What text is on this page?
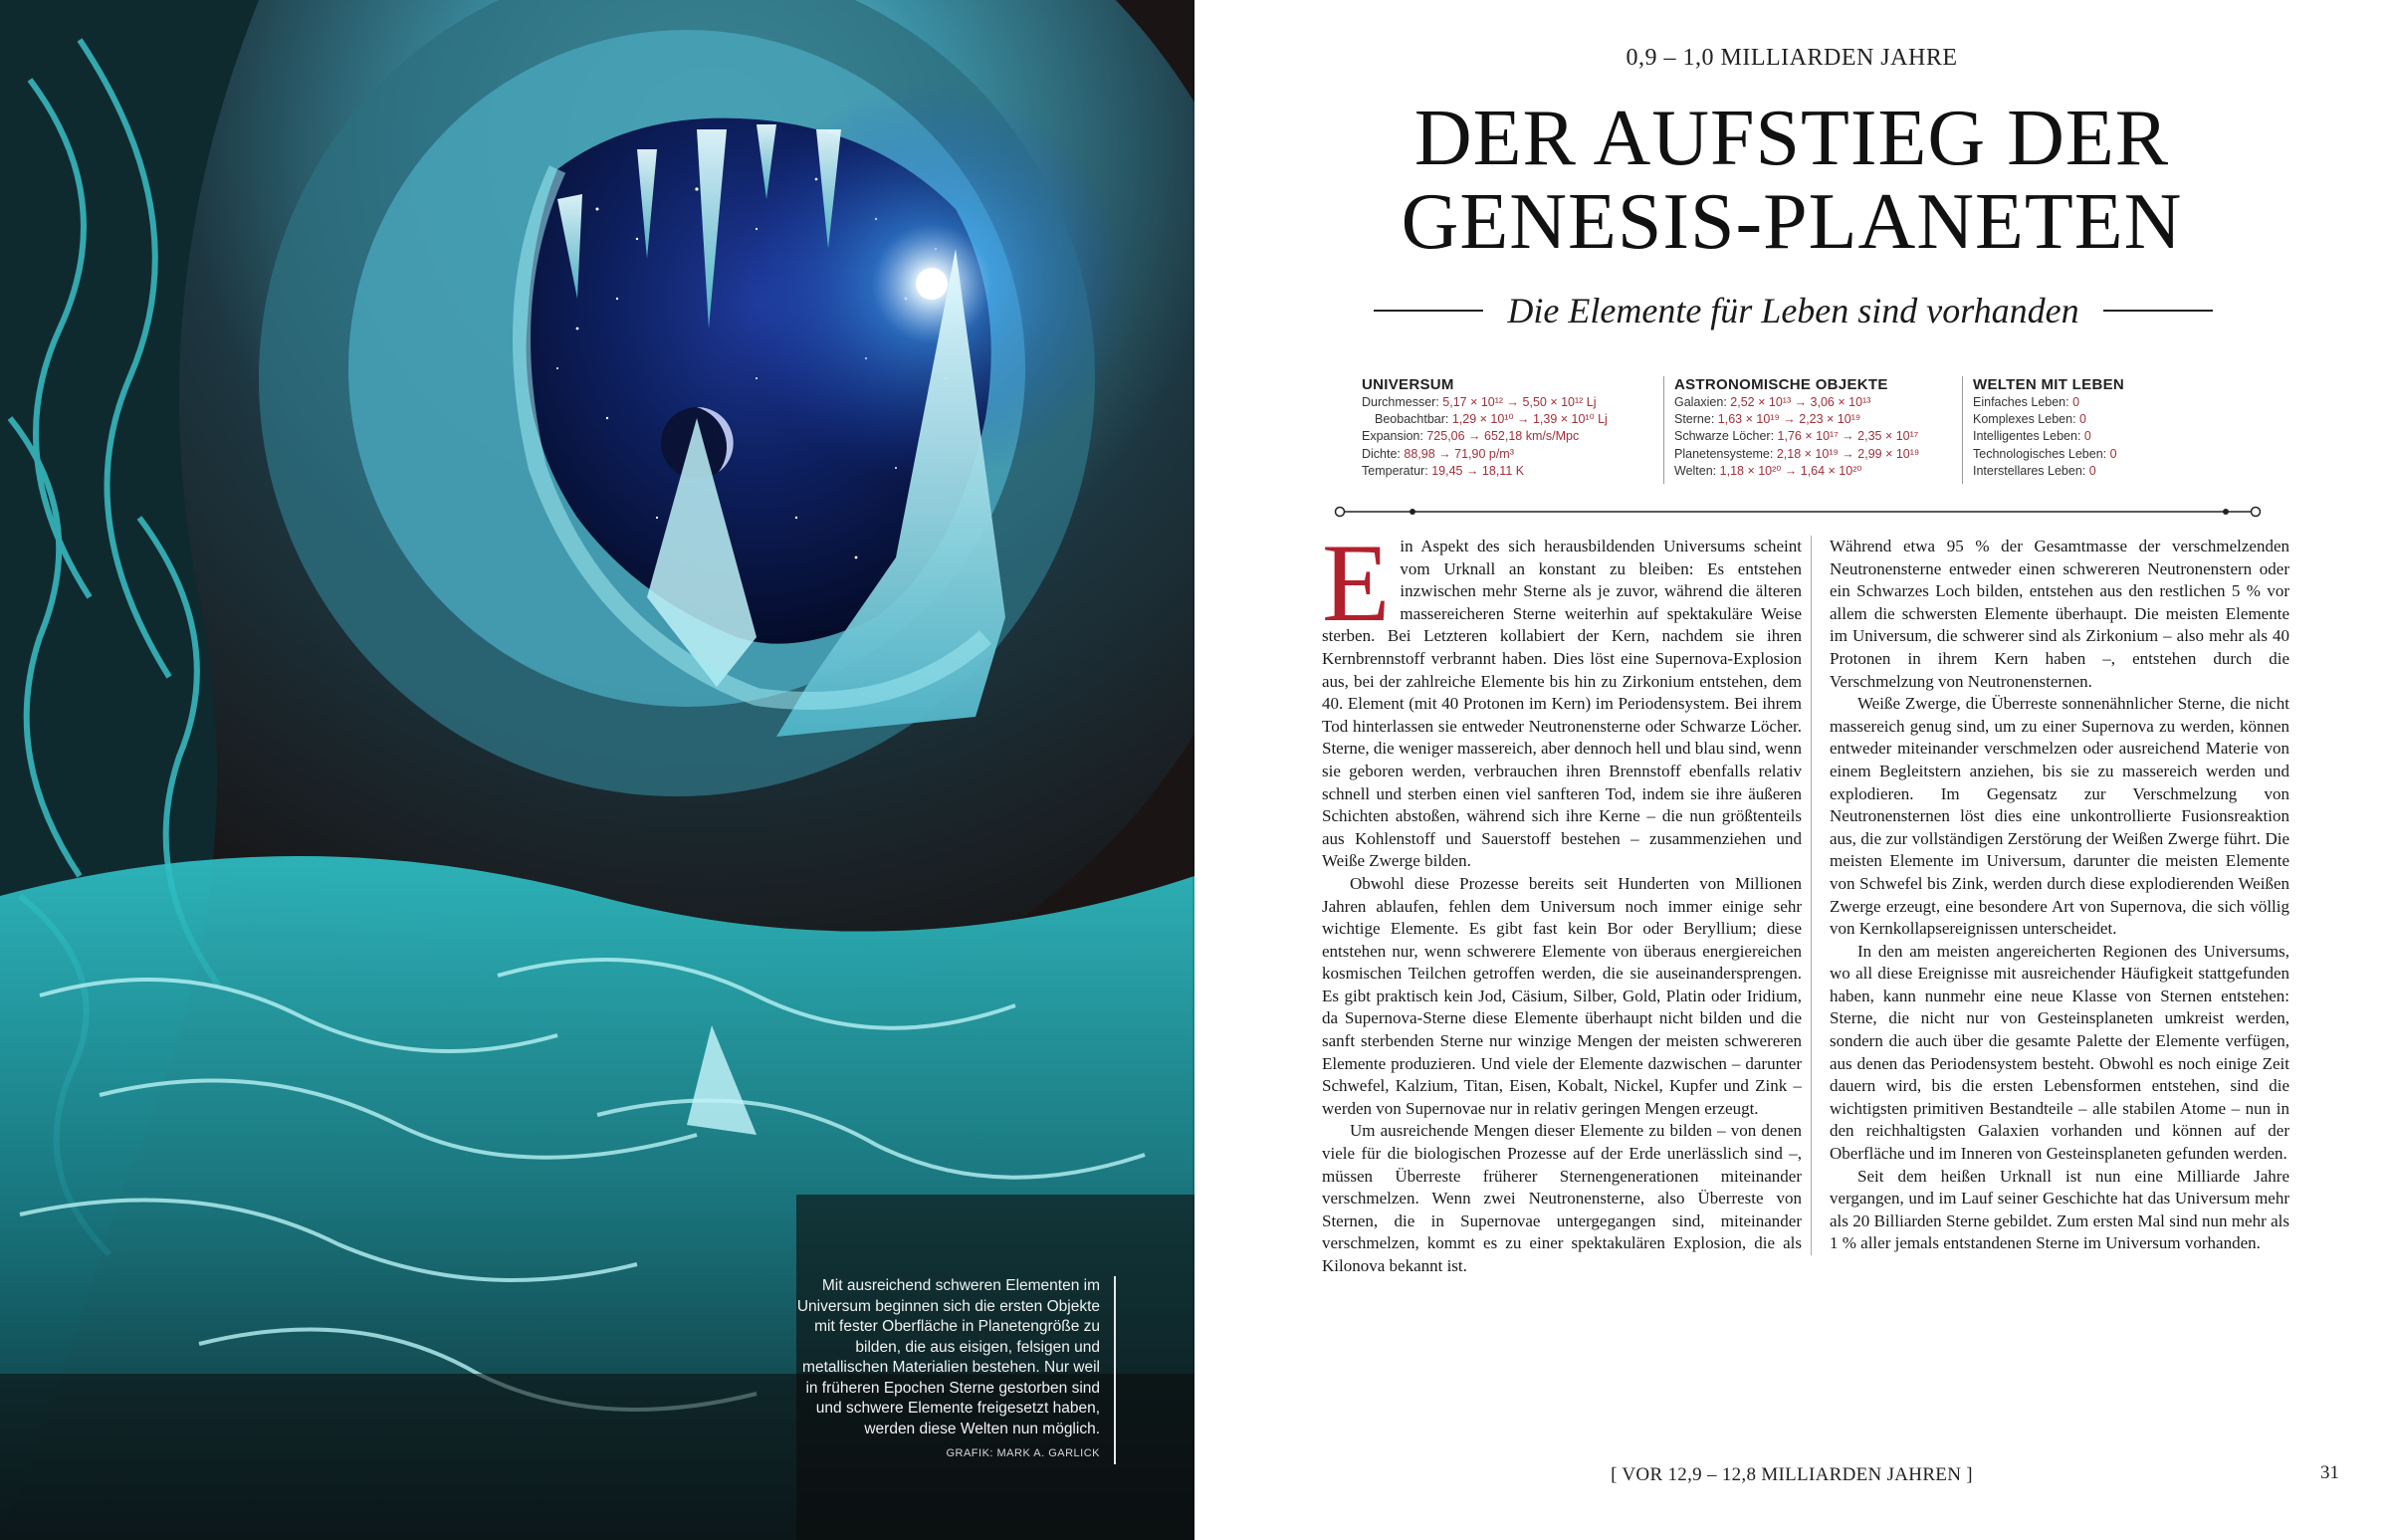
Mit ausreichend schweren Elementen im Universum beginnen sich die ersten Objekte mit fester Oberfläche in Planetengröße zu bilden, die aus eisigen, felsigen und metallischen Materialien bestehen. Nur weil in früheren Epochen Sterne gestorben sind und schwere Elemente freigesetzt haben, werden diese Welten nun möglich.
GRAFIK: MARK A. GARLICK
0,9 – 1,0 MILLIARDEN JAHRE
DER AUFSTIEG DER
GENESIS-PLANETEN
Die Elemente für Leben sind vorhanden
UNIVERSUM
Durchmesser: 5,17 × 10¹² → 5,50 × 10¹² Lj
Beobachtbar: 1,29 × 10¹⁰ → 1,39 × 10¹⁰ Lj
Expansion: 725,06 → 652,18 km/s/Mpc
Dichte: 88,98 → 71,90 p/m³
Temperatur: 19,45 → 18,11 K
ASTRONOMISCHE OBJEKTE
Galaxien: 2,52 × 10¹³ → 3,06 × 10¹³
Sterne: 1,63 × 10¹⁹ → 2,23 × 10¹⁹
Schwarze Löcher: 1,76 × 10¹⁷ → 2,35 × 10¹⁷
Planetensysteme: 2,18 × 10¹⁹ → 2,99 × 10¹⁹
Welten: 1,18 × 10²⁰ → 1,64 × 10²⁰
WELTEN MIT LEBEN
Einfaches Leben: 0
Komplexes Leben: 0
Intelligentes Leben: 0
Technologisches Leben: 0
Interstellares Leben: 0
E in Aspekt des sich herausbildenden Universums scheint vom Urknall an konstant zu bleiben: Es entstehen inzwischen mehr Sterne als je zuvor, während die älteren massereicheren Sterne weiterhin auf spektakuläre Weise sterben. Bei Letzteren kollabiert der Kern, nachdem sie ihren Kernbrennstoff verbrannt haben. Dies löst eine Supernova-Explosion aus, bei der zahlreiche Elemente bis hin zu Zirkonium entstehen, dem 40. Element (mit 40 Protonen im Kern) im Periodensystem. Bei ihrem Tod hinterlassen sie entweder Neutronensterne oder Schwarze Löcher. Sterne, die weniger massereich, aber dennoch hell und blau sind, wenn sie geboren werden, verbrauchen ihren Brennstoff ebenfalls relativ schnell und sterben einen viel sanfteren Tod, indem sie ihre äußeren Schichten abstoßen, während sich ihre Kerne – die nun größtenteils aus Kohlenstoff und Sauerstoff bestehen – zusammenziehen und Weiße Zwerge bilden.

Obwohl diese Prozesse bereits seit Hunderten von Millionen Jahren ablaufen, fehlen dem Universum noch immer einige sehr wichtige Elemente. Es gibt fast kein Bor oder Beryllium; diese entstehen nur, wenn schwerere Elemente von überaus energiereichen kosmischen Teilchen getroffen werden, die sie auseinandersprengen. Es gibt praktisch kein Jod, Cäsium, Silber, Gold, Platin oder Iridium, da Supernova-Sterne diese Elemente überhaupt nicht bilden und die sanft sterbenden Sterne nur winzige Mengen der meisten schwereren Elemente produzieren. Und viele der Elemente dazwischen – darunter Schwefel, Kalzium, Titan, Eisen, Kobalt, Nickel, Kupfer und Zink – werden von Supernovae nur in relativ geringen Mengen erzeugt.

Um ausreichende Mengen dieser Elemente zu bilden – von denen viele für die biologischen Prozesse auf der Erde unerlässlich sind –, müssen Überreste früherer Sternengenerationen miteinander verschmelzen. Wenn zwei Neutronensterne, also Überreste von Sternen, die in Supernovae untergegangen sind, miteinander verschmelzen, kommt es zu einer spektakulären Explosion, die als Kilonova bekannt ist.

Während etwa 95 % der Gesamtmasse der verschmelzenden Neutronensterne entweder einen schwereren Neutronenstern oder ein Schwarzes Loch bilden, entstehen aus den restlichen 5 % vor allem die schwersten Elemente überhaupt. Die meisten Elemente im Universum, die schwerer sind als Zirkonium – also mehr als 40 Protonen in ihrem Kern haben –, entstehen durch die Verschmelzung von Neutronensternen.

Weiße Zwerge, die Überreste sonnenähnlicher Sterne, die nicht massereich genug sind, um zu einer Supernova zu werden, können entweder miteinander verschmelzen oder ausreichend Materie von einem Begleitstern anziehen, bis sie zu massereich werden und explodieren. Im Gegensatz zur Verschmelzung von Neutronensternen löst dies eine unkontrollierte Fusionsreaktion aus, die zur vollständigen Zerstörung der Weißen Zwerge führt. Die meisten Elemente im Universum, darunter die meisten Elemente von Schwefel bis Zink, werden durch diese explodierenden Weißen Zwerge erzeugt, eine besondere Art von Supernova, die sich völlig von Kernkollapsereignissen unterscheidet.

In den am meisten angereicherten Regionen des Universums, wo all diese Ereignisse mit ausreichender Häufigkeit stattgefunden haben, kann nunmehr eine neue Klasse von Sternen entstehen: Sterne, die nicht nur von Gesteinsplaneten umkreist werden, sondern die auch über die gesamte Palette der Elemente verfügen, aus denen das Periodensystem besteht. Obwohl es noch einige Zeit dauern wird, bis die ersten Lebensformen entstehen, sind die wichtigsten primitiven Bestandteile – alle stabilen Atome – nun in den reichhaltigsten Galaxien vorhanden und können auf der Oberfläche und im Inneren von Gesteinsplaneten gefunden werden.

Seit dem heißen Urknall ist nun eine Milliarde Jahre vergangen, und im Lauf seiner Geschichte hat das Universum mehr als 20 Billiarden Sterne gebildet. Zum ersten Mal sind nun mehr als 1 % aller jemals entstandenen Sterne im Universum vorhanden.

[ VOR 12,9 – 12,8 MILLIARDEN JAHREN ]	31
